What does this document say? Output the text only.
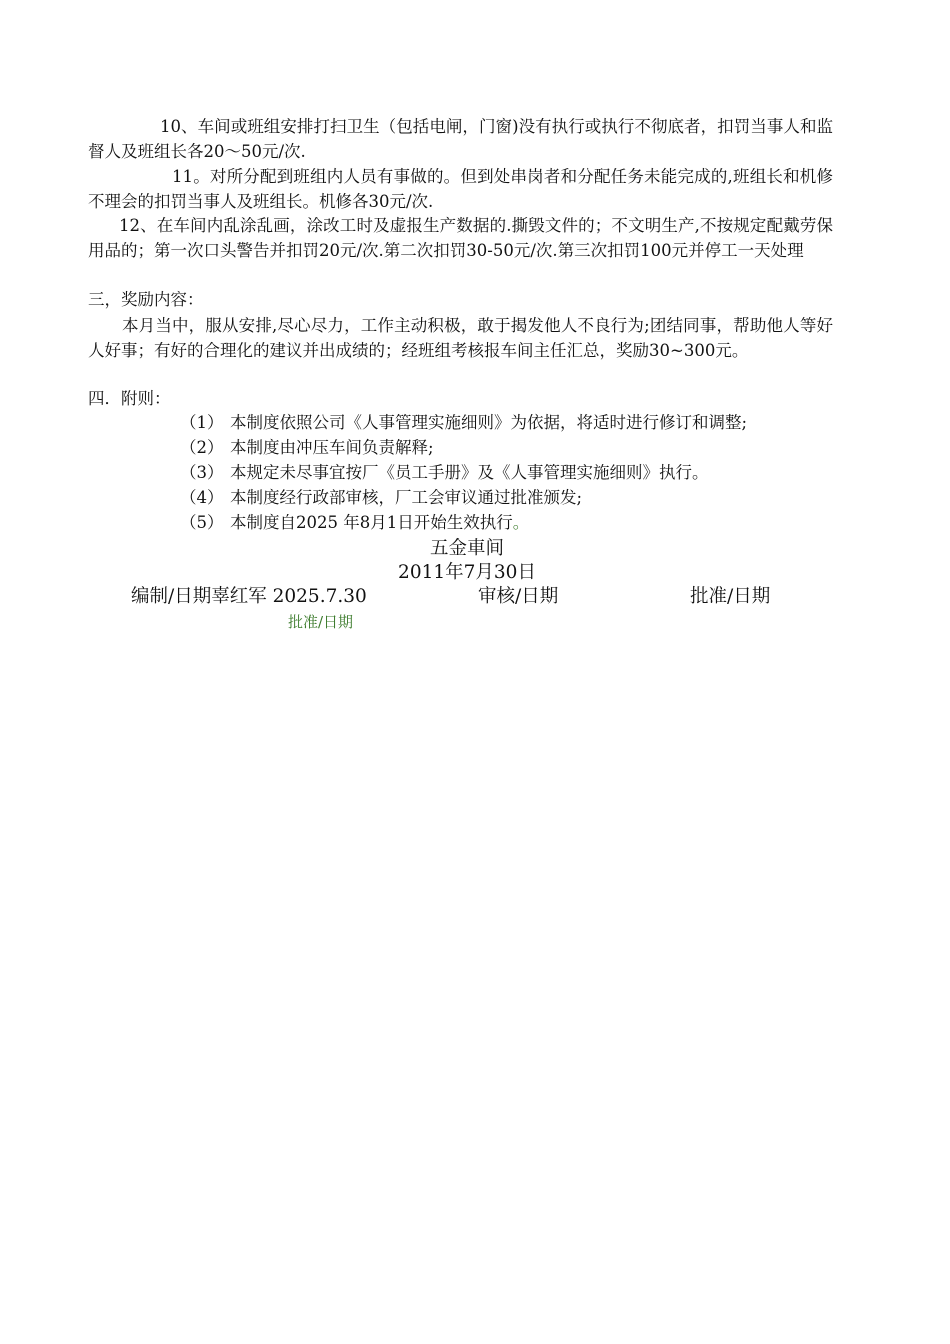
10、车间或班组安排打扫卫生（包括电闸，门窗)没有执行或执行不彻底者，扣罚当事人和监督人及班组长各20～50元/次.

11。对所分配到班组内人员有事做的。但到处串岗者和分配任务未能完成的,班组长和机修不理会的扣罚当事人及班组长。机修各30元/次.

12、在车间内乱涂乱画，涂改工时及虚报生产数据的.撕毁文件的；不文明生产,不按规定配戴劳保用品的；第一次口头警告并扣罚20元/次.第二次扣罚30-50元/次.第三次扣罚100元并停工一天处理

三，奖励内容：

本月当中，服从安排,尽心尽力，工作主动积极，敢于揭发他人不良行为;团结同事，帮助他人等好人好事；有好的合理化的建议并出成绩的；经班组考核报车间主任汇总，奖励30~300元。

四．附则：

（1） 本制度依照公司《人事管理实施细则》为依据，将适时进行修订和调整;
（2） 本制度由冲压车间负责解释;
（3） 本规定未尽事宜按厂《员工手册》及《人事管理实施细则》执行。
（4） 本制度经行政部审核，厂工会审议通过批准颁发;
（5） 本制度自2025 年8月1日开始生效执行。
五金車间
2011年7月30日
编制/日期辜红军 2025.7.30	审核/日期	批准/日期
批准/日期
